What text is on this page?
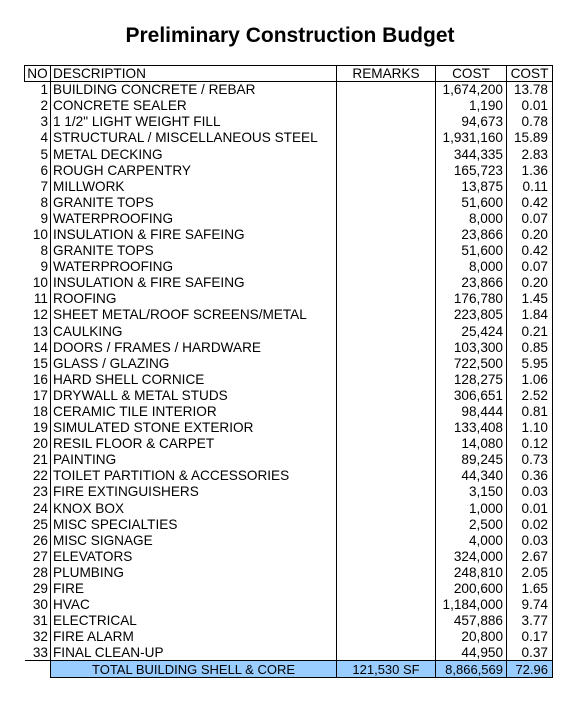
Preliminary Construction Budget
NO	DESCRIPTION	REMARKS	COST	COST
1	BUILDING CONCRETE / REBAR		1,674,200	13.78
2	CONCRETE SEALER		1,190	0.01
3	1 1/2" LIGHT WEIGHT FILL		94,673	0.78
4	STRUCTURAL / MISCELLANEOUS STEEL		1,931,160	15.89
5	METAL DECKING		344,335	2.83
6	ROUGH CARPENTRY		165,723	1.36
7	MILLWORK		13,875	0.11
8	GRANITE TOPS		51,600	0.42
9	WATERPROOFING		8,000	0.07
10	INSULATION & FIRE SAFEING		23,866	0.20
8	GRANITE TOPS		51,600	0.42
9	WATERPROOFING		8,000	0.07
10	INSULATION & FIRE SAFEING		23,866	0.20
11	ROOFING		176,780	1.45
12	SHEET METAL/ROOF SCREENS/METAL		223,805	1.84
13	CAULKING		25,424	0.21
14	DOORS / FRAMES / HARDWARE		103,300	0.85
15	GLASS / GLAZING		722,500	5.95
16	HARD SHELL CORNICE		128,275	1.06
17	DRYWALL & METAL STUDS		306,651	2.52
18	CERAMIC TILE INTERIOR		98,444	0.81
19	SIMULATED STONE EXTERIOR		133,408	1.10
20	RESIL FLOOR & CARPET		14,080	0.12
21	PAINTING		89,245	0.73
22	TOILET PARTITION & ACCESSORIES		44,340	0.36
23	FIRE EXTINGUISHERS		3,150	0.03
24	KNOX BOX		1,000	0.01
25	MISC SPECIALTIES		2,500	0.02
26	MISC SIGNAGE		4,000	0.03
27	ELEVATORS		324,000	2.67
28	PLUMBING		248,810	2.05
29	FIRE		200,600	1.65
30	HVAC		1,184,000	9.74
31	ELECTRICAL		457,886	3.77
32	FIRE ALARM		20,800	0.17
33	FINAL CLEAN-UP		44,950	0.37
	TOTAL BUILDING SHELL & CORE	121,530 SF	8,866,569	72.96
